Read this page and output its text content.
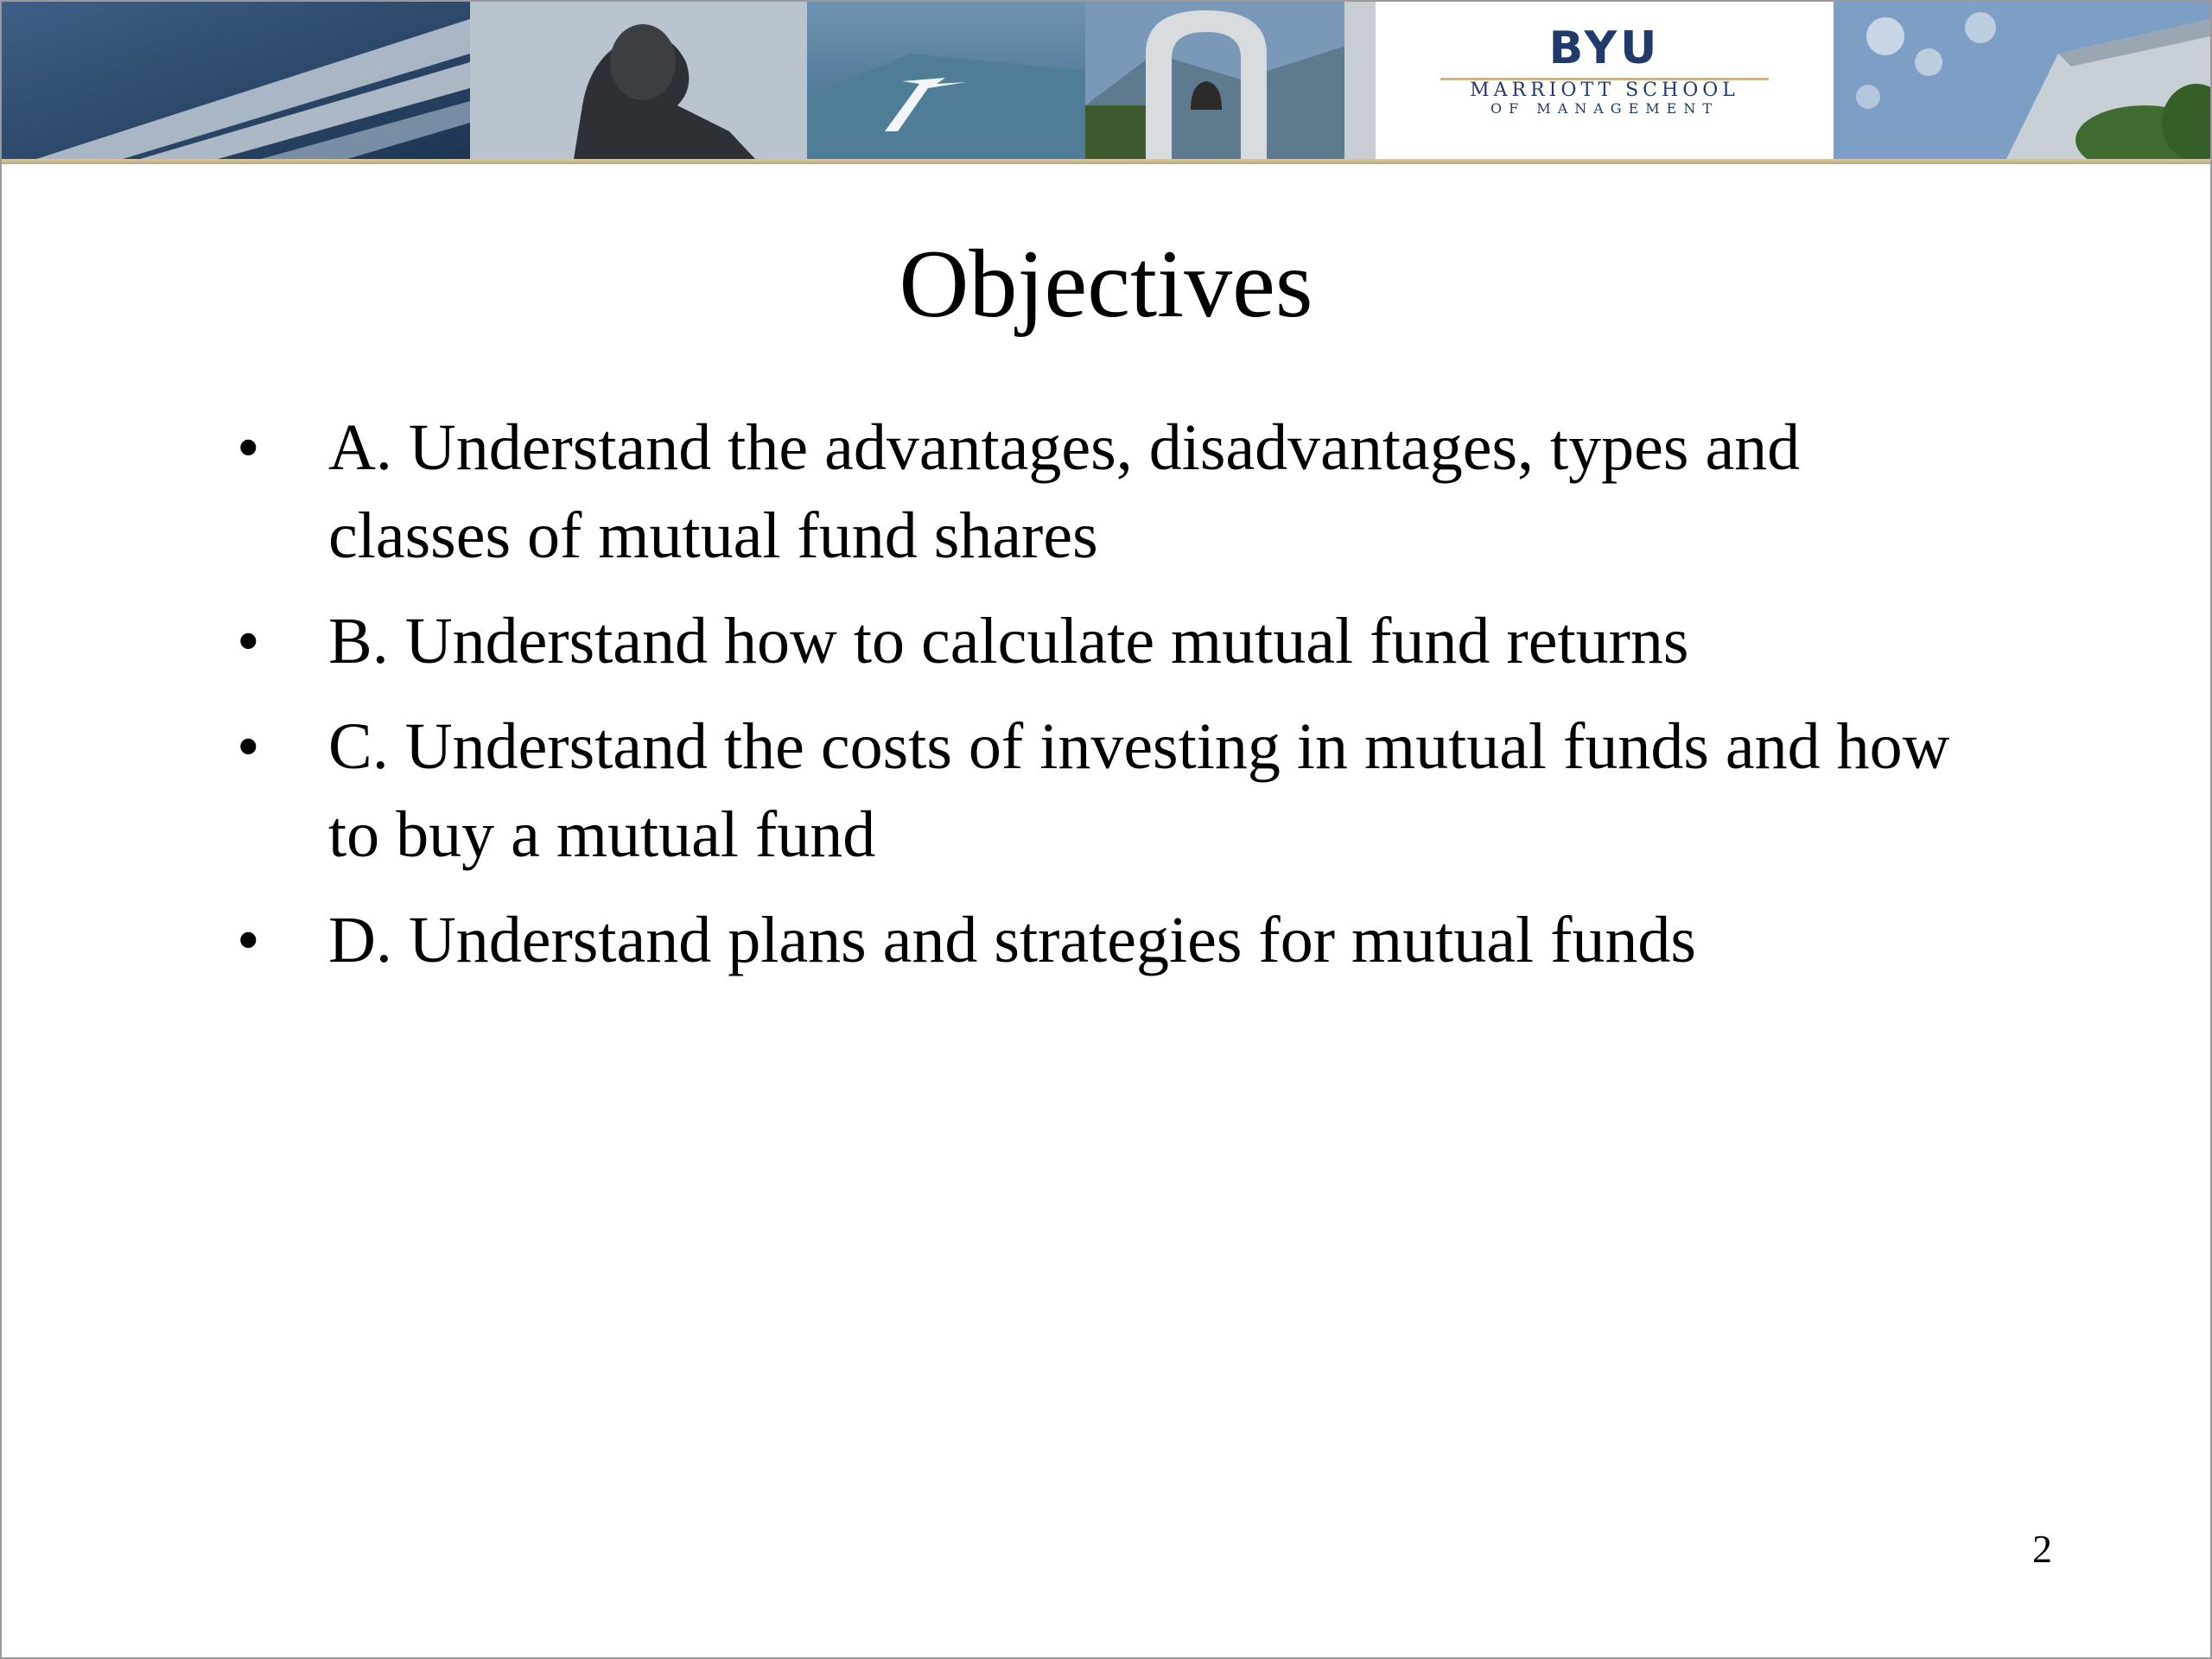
BYU
MARRIOTT SCHOOL
OF MANAGEMENT
Objectives
• A. Understand the advantages, disadvantages, types and classes of mutual fund shares
• B. Understand how to calculate mutual fund returns
• C. Understand the costs of investing in mutual funds and how to buy a mutual fund
• D. Understand plans and strategies for mutual funds
2
